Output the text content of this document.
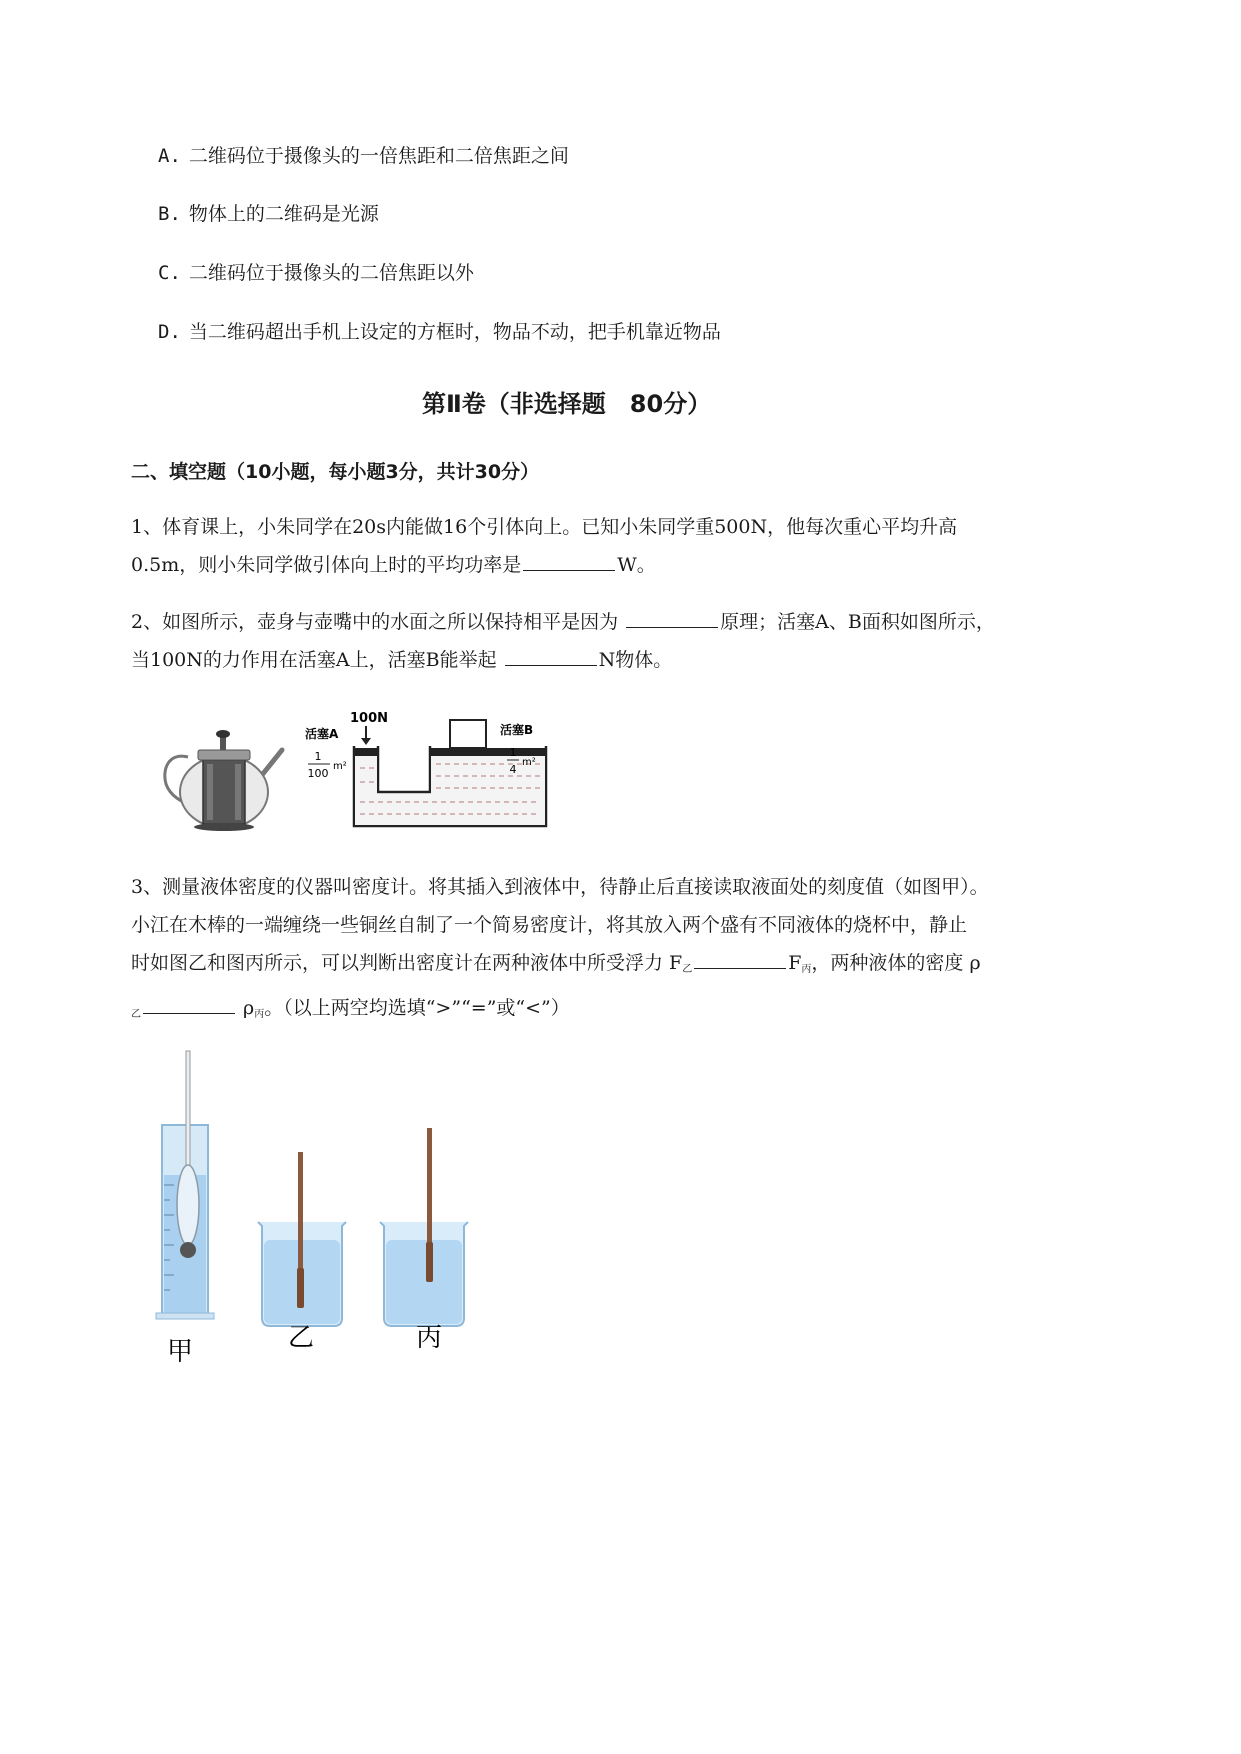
A. 二维码位于摄像头的一倍焦距和二倍焦距之间
B. 物体上的二维码是光源
C. 二维码位于摄像头的二倍焦距以外
D. 当二维码超出手机上设定的方框时，物品不动，把手机靠近物品
第Ⅱ卷（非选择题　80分）
二、填空题（10小题，每小题3分，共计30分）
1、体育课上，小朱同学在20s内能做16个引体向上。已知小朱同学重500N，他每次重心平均升高
0.5m，则小朱同学做引体向上时的平均功率是	W。
2、如图所示，壶身与壶嘴中的水面之所以保持相平是因为	原理；活塞A、B面积如图所示，
当100N的力作用在活塞A上，活塞B能举起	N物体。
100N
活塞A
1
100
m²
活塞B
1
4
m²
3、测量液体密度的仪器叫密度计。将其插入到液体中，待静止后直接读取液面处的刻度值（如图甲）。
小江在木棒的一端缠绕一些铜丝自制了一个简易密度计，将其放入两个盛有不同液体的烧杯中，静止
时如图乙和图丙所示，可以判断出密度计在两种液体中所受浮力 $F_乙$	$F_丙$，两种液体的密度 ρ
$_乙$	$\rho_丙$。（以上两空均选填“>”“=”或“<”）
甲	乙	丙
